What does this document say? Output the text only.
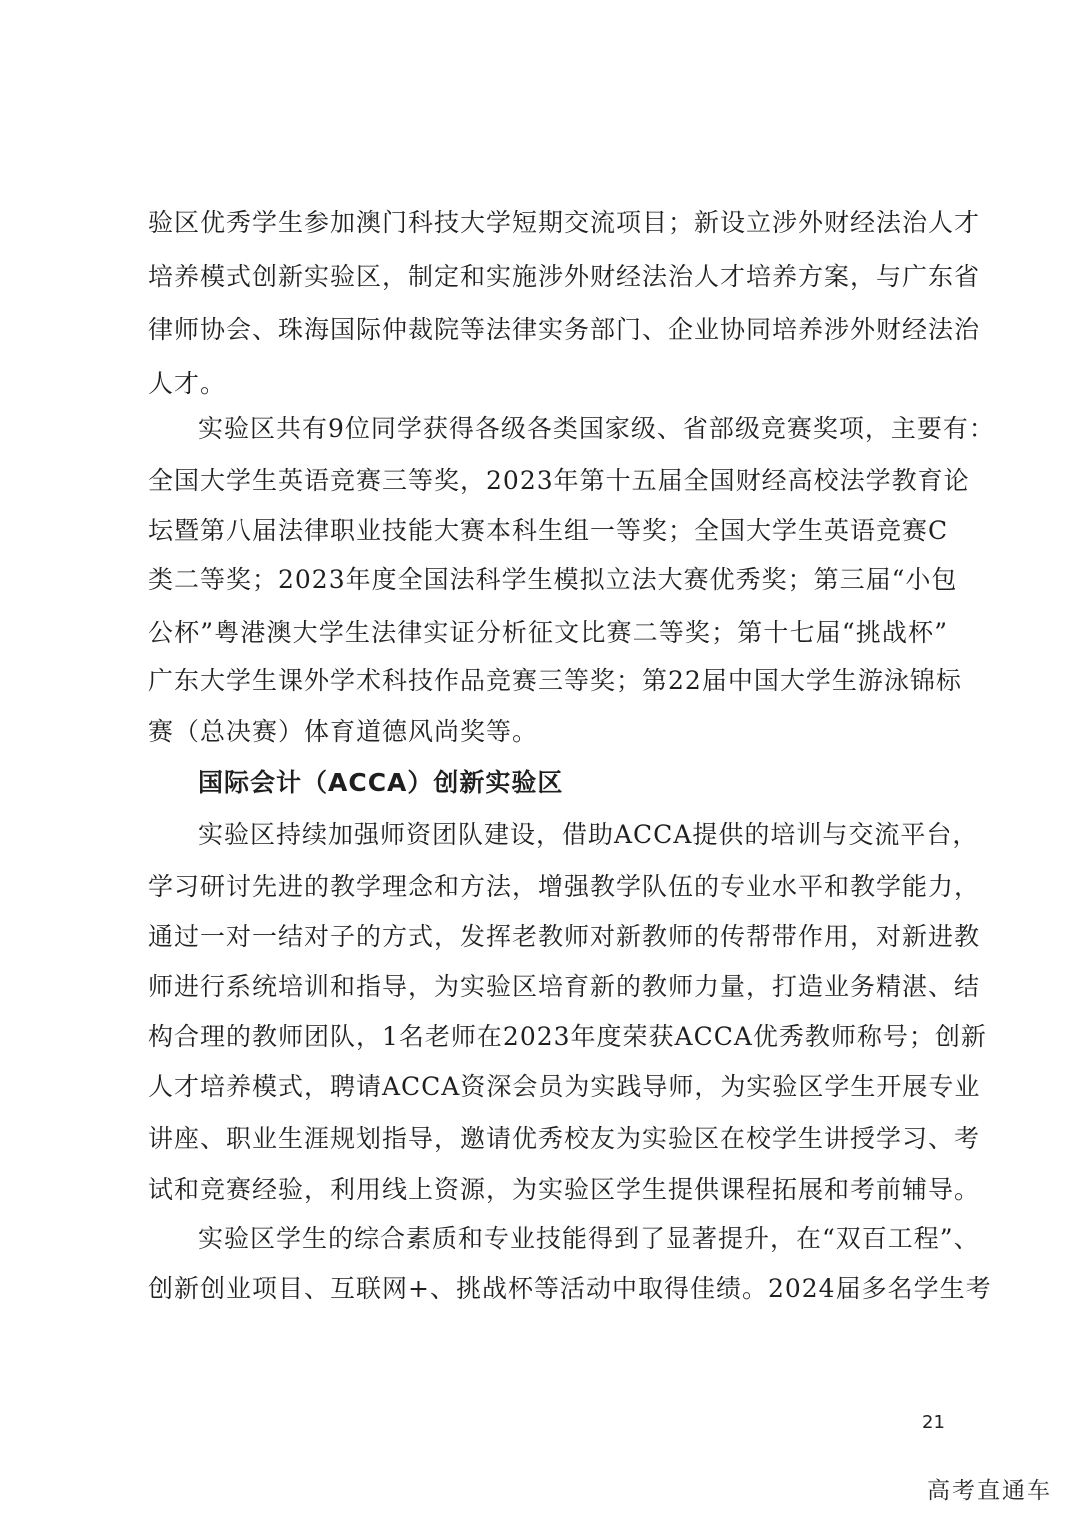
验区优秀学生参加澳门科技大学短期交流项目；新设立涉外财经法治人才
培养模式创新实验区，制定和实施涉外财经法治人才培养方案，与广东省
律师协会、珠海国际仲裁院等法律实务部门、企业协同培养涉外财经法治
人才。
实验区共有9位同学获得各级各类国家级、省部级竞赛奖项，主要有：
全国大学生英语竞赛三等奖，2023年第十五届全国财经高校法学教育论
坛暨第八届法律职业技能大赛本科生组一等奖；全国大学生英语竞赛C
类二等奖；2023年度全国法科学生模拟立法大赛优秀奖；第三届“小包
公杯”粤港澳大学生法律实证分析征文比赛二等奖；第十七届“挑战杯”
广东大学生课外学术科技作品竞赛三等奖；第22届中国大学生游泳锦标
赛（总决赛）体育道德风尚奖等。
国际会计（ACCA）创新实验区
实验区持续加强师资团队建设，借助ACCA提供的培训与交流平台，
学习研讨先进的教学理念和方法，增强教学队伍的专业水平和教学能力，
通过一对一结对子的方式，发挥老教师对新教师的传帮带作用，对新进教
师进行系统培训和指导，为实验区培育新的教师力量，打造业务精湛、结
构合理的教师团队，1名老师在2023年度荣获ACCA优秀教师称号；创新
人才培养模式，聘请ACCA资深会员为实践导师，为实验区学生开展专业
讲座、职业生涯规划指导，邀请优秀校友为实验区在校学生讲授学习、考
试和竞赛经验，利用线上资源，为实验区学生提供课程拓展和考前辅导。
实验区学生的综合素质和专业技能得到了显著提升，在“双百工程”、
创新创业项目、互联网+、挑战杯等活动中取得佳绩。2024届多名学生考
21
高考直通车
